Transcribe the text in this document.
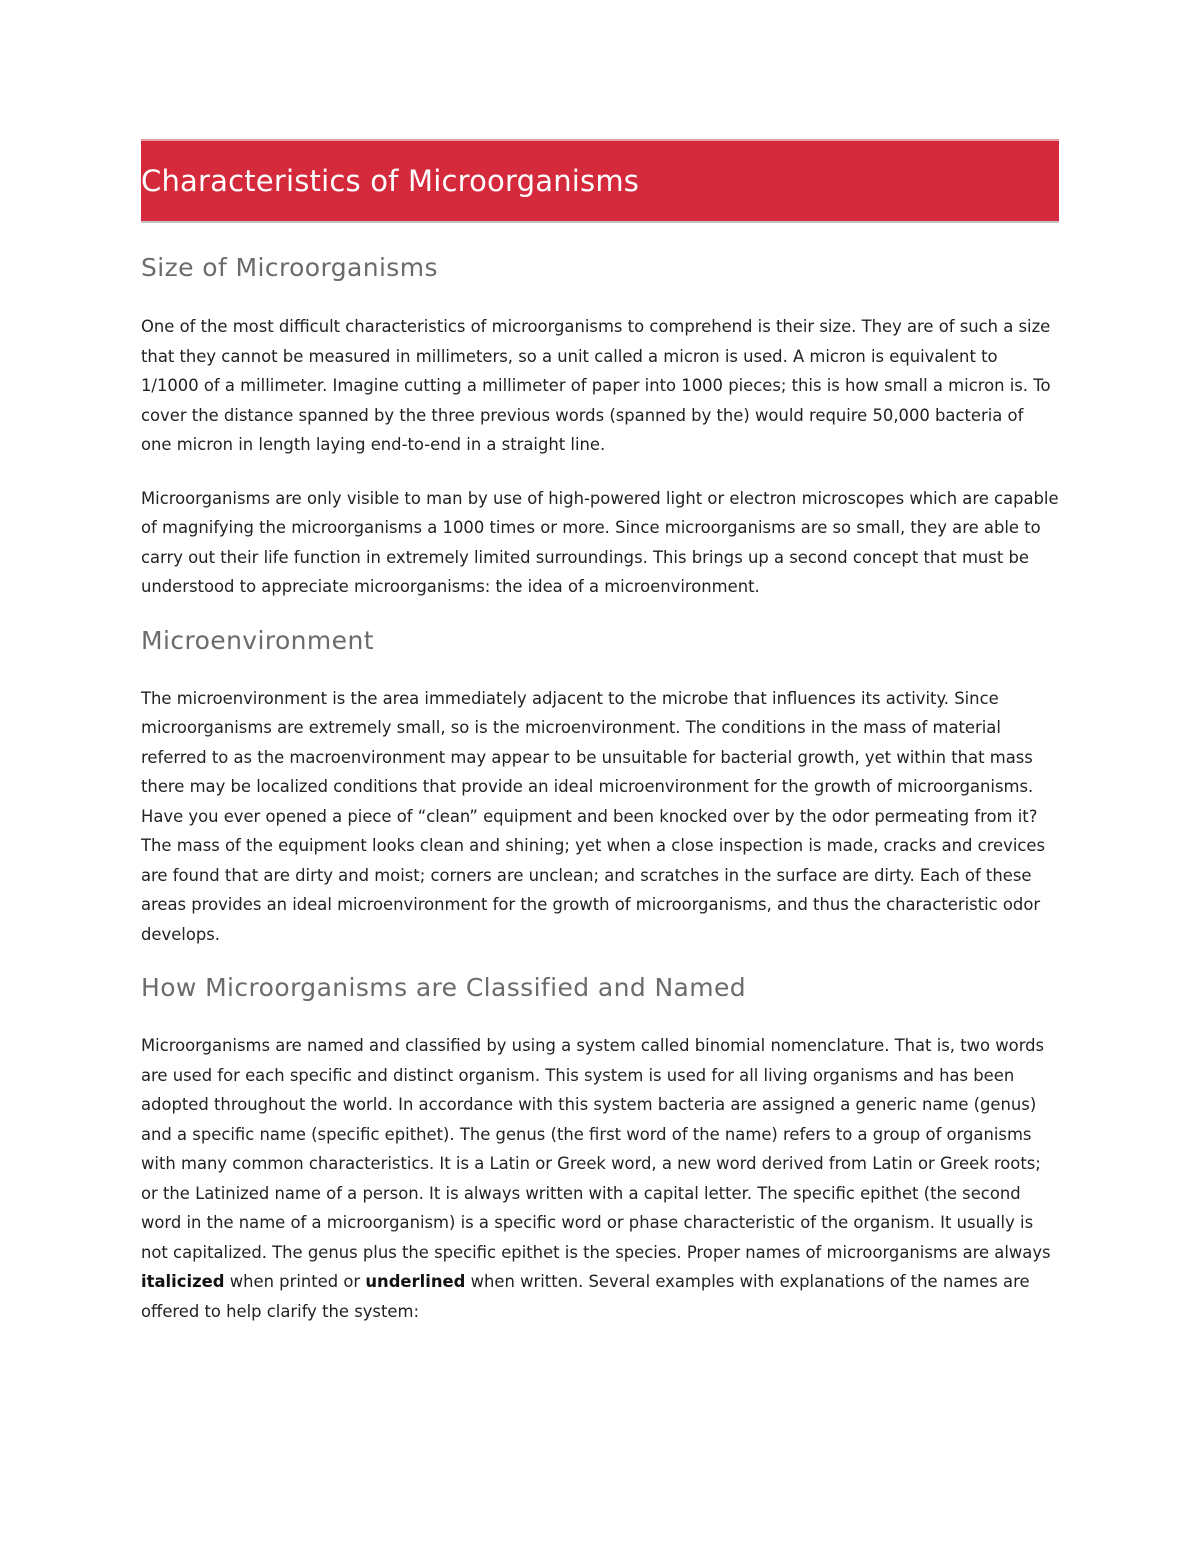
Characteristics of Microorganisms
Size of Microorganisms

One of the most difficult characteristics of microorganisms to comprehend is their size. They are of such a size that they cannot be measured in millimeters, so a unit called a micron is used. A micron is equivalent to 1/1000 of a millimeter. Imagine cutting a millimeter of paper into 1000 pieces; this is how small a micron is. To cover the distance spanned by the three previous words (spanned by the) would require 50,000 bacteria of one micron in length laying end-to-end in a straight line.

Microorganisms are only visible to man by use of high-powered light or electron microscopes which are capable of magnifying the microorganisms a 1000 times or more. Since microorganisms are so small, they are able to carry out their life function in extremely limited surroundings. This brings up a second concept that must be understood to appreciate microorganisms: the idea of a microenvironment.

Microenvironment

The microenvironment is the area immediately adjacent to the microbe that influences its activity. Since microorganisms are extremely small, so is the microenvironment. The conditions in the mass of material referred to as the macroenvironment may appear to be unsuitable for bacterial growth, yet within that mass there may be localized conditions that provide an ideal microenvironment for the growth of microorganisms. Have you ever opened a piece of “clean” equipment and been knocked over by the odor permeating from it? The mass of the equipment looks clean and shining; yet when a close inspection is made, cracks and crevices are found that are dirty and moist; corners are unclean; and scratches in the surface are dirty. Each of these areas provides an ideal microenvironment for the growth of microorganisms, and thus the characteristic odor develops.

How Microorganisms are Classified and Named

Microorganisms are named and classified by using a system called binomial nomenclature. That is, two words are used for each specific and distinct organism. This system is used for all living organisms and has been adopted throughout the world. In accordance with this system bacteria are assigned a generic name (genus) and a specific name (specific epithet). The genus (the first word of the name) refers to a group of organisms with many common characteristics. It is a Latin or Greek word, a new word derived from Latin or Greek roots; or the Latinized name of a person. It is always written with a capital letter. The specific epithet (the second word in the name of a microorganism) is a specific word or phase characteristic of the organism. It usually is not capitalized. The genus plus the specific epithet is the species. Proper names of microorganisms are always italicized when printed or underlined when written. Several examples with explanations of the names are offered to help clarify the system:
